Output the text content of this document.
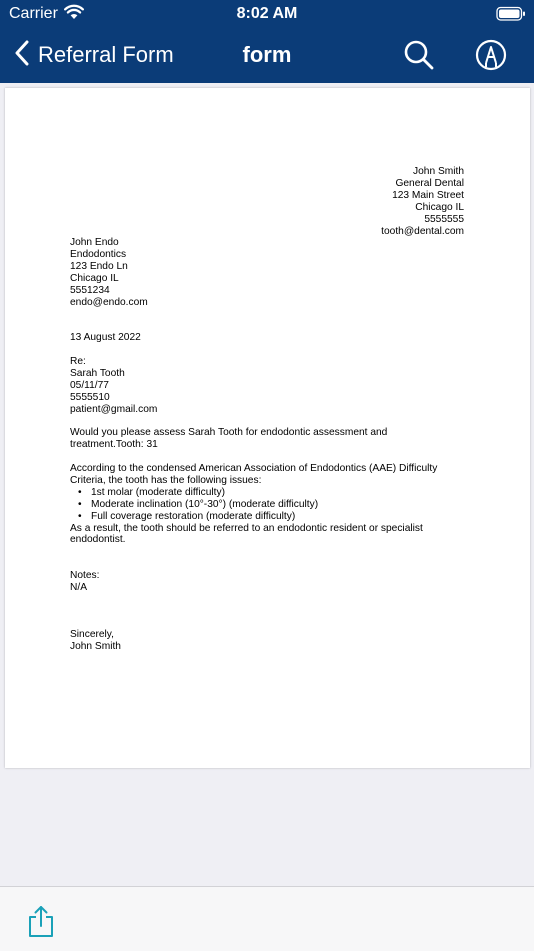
Carrier	8:02 AM
Referral Form	form
John Smith
General Dental
123 Main Street
Chicago IL
5555555
tooth@dental.com
John Endo
Endodontics
123 Endo Ln
Chicago IL
5551234
endo@endo.com
13 August 2022
Re:
Sarah Tooth
05/11/77
5555510
patient@gmail.com
Would you please assess Sarah Tooth for endodontic assessment and treatment.Tooth: 31
According to the condensed American Association of Endodontics (AAE) Difficulty Criteria, the tooth has the following issues:
• 1st molar (moderate difficulty)
• Moderate inclination (10°-30°) (moderate difficulty)
• Full coverage restoration (moderate difficulty)
As a result, the tooth should be referred to an endodontic resident or specialist endodontist.
Notes:
N/A
Sincerely,
John Smith
